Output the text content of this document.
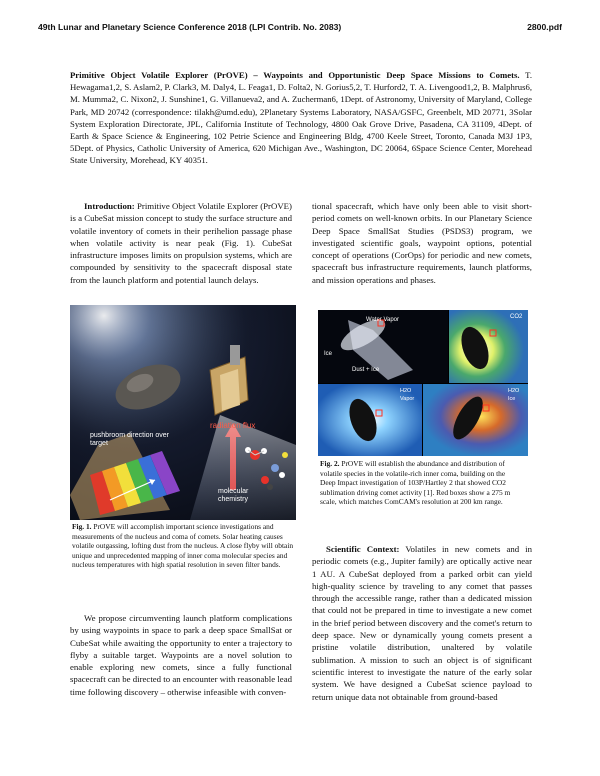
49th Lunar and Planetary Science Conference 2018 (LPI Contrib. No. 2083)	2800.pdf
Primitive Object Volatile Explorer (PrOVE) – Waypoints and Opportunistic Deep Space Missions to Comets. T. Hewagama1,2, S. Aslam2, P. Clark3, M. Daly4, L. Feaga1, D. Folta2, N. Gorius5,2, T. Hurford2, T. A. Livengood1,2, B. Malphrus6, M. Mumma2, C. Nixon2, J. Sunshine1, G. Villanueva2, and A. Zucherman6, 1Dept. of Astronomy, University of Maryland, College Park, MD 20742 (correspondence: tilakh@umd.edu), 2Planetary Systems Laboratory, NASA/GSFC, Greenbelt, MD 20771, 3Solar System Exploration Directorate, JPL, California Institute of Technology, 4800 Oak Grove Drive, Pasadena, CA 31109, 4Dept. of Earth & Space Science & Engineering, 102 Petrie Science and Engineering Bldg, 4700 Keele Street, Toronto, Canada M3J 1P3, 5Dept. of Physics, Catholic University of America, 620 Michigan Ave., Washington, DC 20064, 6Space Science Center, Morehead State University, Morehead, KY 40351.
Introduction: Primitive Object Volatile Explorer (PrOVE) is a CubeSat mission concept to study the surface structure and volatile inventory of comets in their perihelion passage phase when volatile activity is near peak (Fig. 1). CubeSat infrastructure imposes limits on propulsion systems, which are compounded by sensitivity to the spacecraft disposal state from the launch platform and potential launch delays.
radiation flux
pushbroom direction over target
molecular chemistry
Fig. 1. PrOVE will accomplish important science investigations and measurements of the nucleus and coma of comets. Solar heating causes volatile outgassing, lofting dust from the nucleus. A close flyby will obtain unique and unprecedented mapping of inner coma molecular species and nucleus temperatures with high spatial resolution in seven filter bands.
We propose circumventing launch platform complications by using waypoints in space to park a deep space SmallSat or CubeSat while awaiting the opportunity to enter a trajectory to flyby a suitable target. Waypoints are a novel solution to enable exploring new comets, since a fully functional spacecraft can be directed to an encounter with reasonable lead time following discovery – otherwise infeasible with conven-
tional spacecraft, which have only been able to visit short-period comets on well-known orbits. In our Planetary Science Deep Space SmallSat Studies (PSDS3) program, we investigated scientific goals, waypoint options, potential concept of operations (CorOps) for periodic and new comets, spacecraft bus infrastructure requirements, launch platforms, and mission operations and phases.
Water Vapor
Ice
Dust + Ice
CO2
H2O Vapor
H2O Ice
Fig. 2. PrOVE will establish the abundance and distribution of volatile species in the volatile-rich inner coma, building on the Deep Impact investigation of 103P/Hartley 2 that showed CO2 sublimation driving comet activity [1]. Red boxes show a 275 m scale, which matches ComCAM's resolution at 200 km range.
Scientific Context: Volatiles in new comets and in periodic comets (e.g., Jupiter family) are optically active near 1 AU. A CubeSat deployed from a parked orbit can yield high-quality science by traveling to any comet that passes through the accessible range, rather than a dedicated mission that could not be prepared in time to investigate a new comet in the brief period between discovery and the comet's return to deep space. New or dynamically young comets present a pristine volatile distribution, unaltered by volatile sublimation. A mission to such an object is of significant scientific interest to investigate the nature of the early solar system. We have designed a CubeSat science payload to return unique data not obtainable from ground-based
